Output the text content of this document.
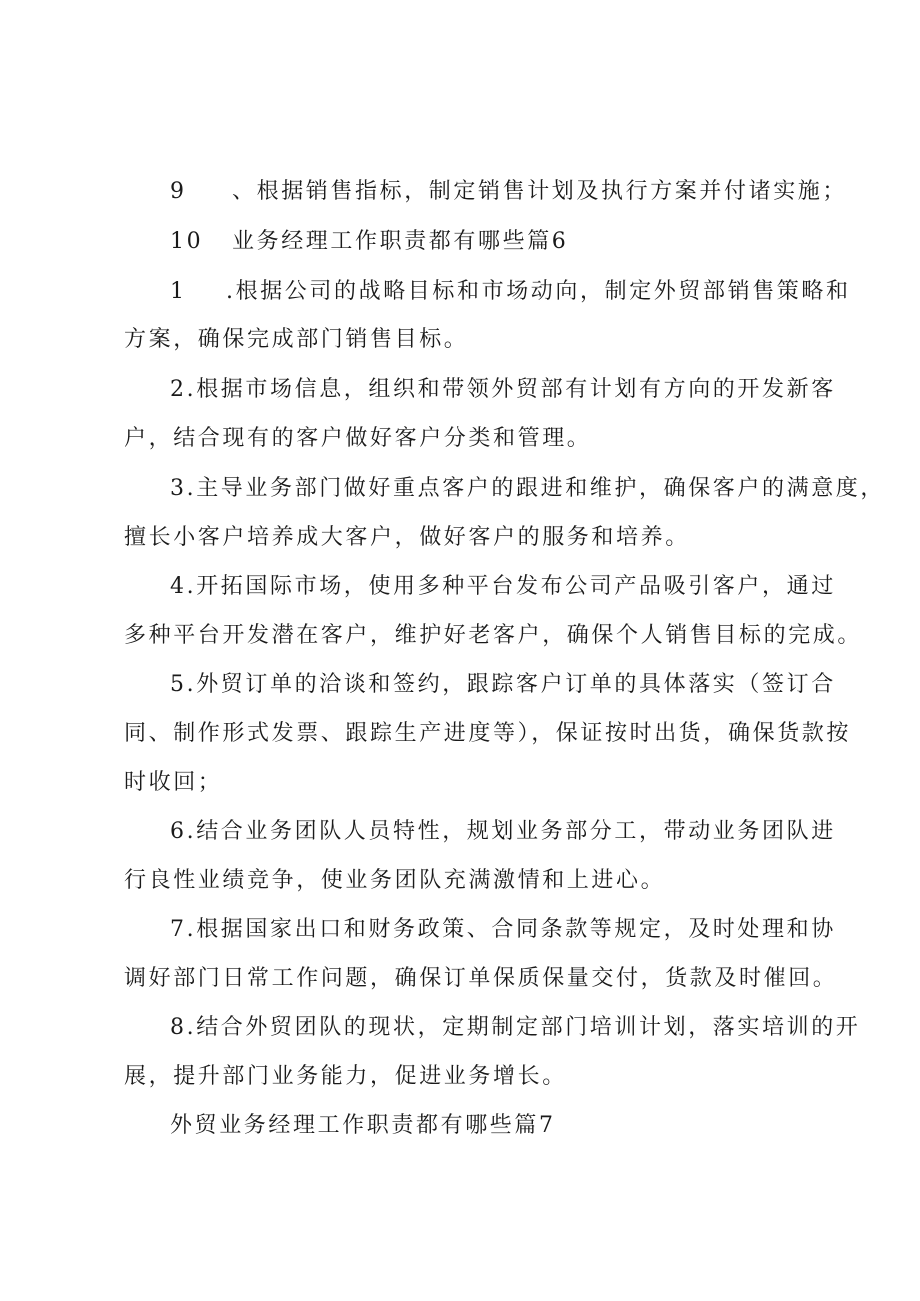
9 、根据销售指标，制定销售计划及执行方案并付诸实施；
10 业务经理工作职责都有哪些篇6
1 .根据公司的战略目标和市场动向，制定外贸部销售策略和
方案，确保完成部门销售目标。
2.根据市场信息，组织和带领外贸部有计划有方向的开发新客
户，结合现有的客户做好客户分类和管理。
3.主导业务部门做好重点客户的跟进和维护，确保客户的满意度，
擅长小客户培养成大客户，做好客户的服务和培养。
4.开拓国际市场，使用多种平台发布公司产品吸引客户，通过
多种平台开发潜在客户，维护好老客户，确保个人销售目标的完成。
5.外贸订单的洽谈和签约，跟踪客户订单的具体落实（签订合
同、制作形式发票、跟踪生产进度等），保证按时出货，确保货款按
时收回；
6.结合业务团队人员特性，规划业务部分工，带动业务团队进
行良性业绩竞争，使业务团队充满激情和上进心。
7.根据国家出口和财务政策、合同条款等规定，及时处理和协
调好部门日常工作问题，确保订单保质保量交付，货款及时催回。
8.结合外贸团队的现状，定期制定部门培训计划，落实培训的开
展，提升部门业务能力，促进业务增长。
外贸业务经理工作职责都有哪些篇7
